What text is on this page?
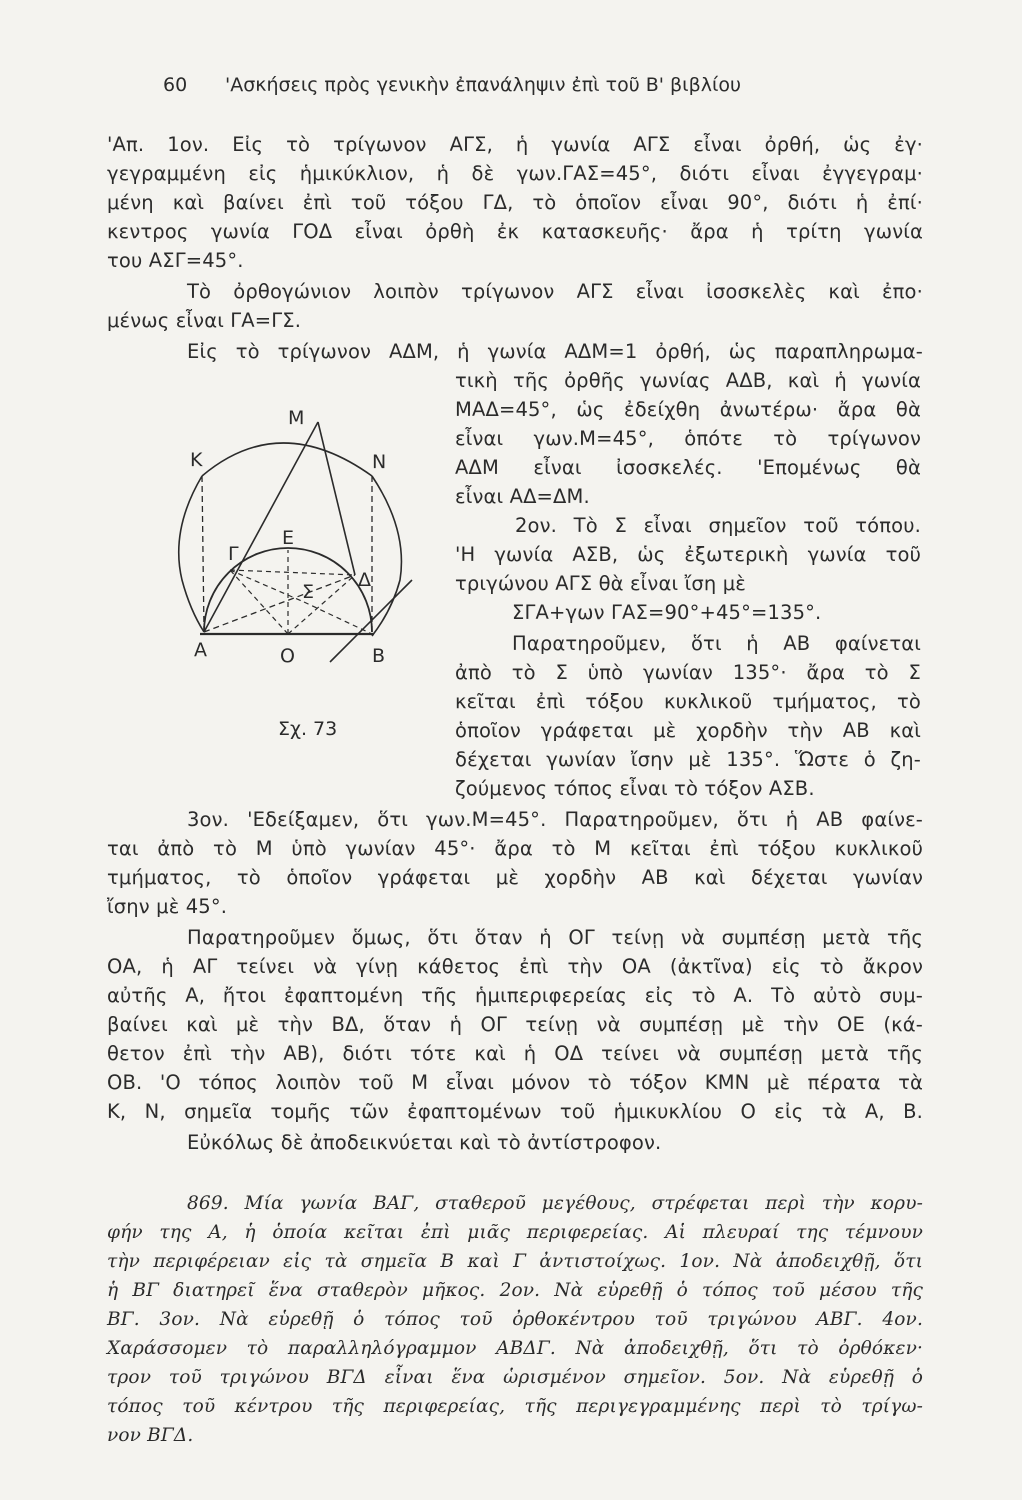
60 'Ασκήσεις πρὸς γενικὴν ἐπανάληψιν ἐπὶ τοῦ Β' βιβλίου
'Απ. 1ον. Εἰς τὸ τρίγωνον ΑΓΣ, ἡ γωνία ΑΓΣ εἶναι ὀρθή, ὡς ἐγ·
γεγραμμένη εἰς ἡμικύκλιον, ἡ δὲ γων.ΓΑΣ=45°, διότι εἶναι ἐγγεγραμ·
μένη καὶ βαίνει ἐπὶ τοῦ τόξου ΓΔ, τὸ ὁποῖον εἶναι 90°, διότι ἡ ἐπί·
κεντρος γωνία ΓΟΔ εἶναι ὀρθὴ ἐκ κατασκευῆς· ἄρα ἡ τρίτη γωνία
του ΑΣΓ=45°.
Τὸ ὀρθογώνιον λοιπὸν τρίγωνον ΑΓΣ εἶναι ἰσοσκελὲς καὶ ἐπο·
μένως εἶναι ΓΑ=ΓΣ.
Εἰς τὸ τρίγωνον ΑΔΜ, ἡ γωνία ΑΔΜ=1 ὀρθή, ὡς παραπληρωμα-
τικὴ τῆς ὀρθῆς γωνίας ΑΔΒ, καὶ ἡ γωνία
ΜΑΔ=45°, ὡς ἐδείχθη ἀνωτέρω· ἄρα θὰ
εἶναι γων.Μ=45°, ὁπότε τὸ τρίγωνον
ΑΔΜ εἶναι ἰσοσκελές. 'Επομένως θὰ
εἶναι ΑΔ=ΔΜ.
2ον. Τὸ Σ εἶναι σημεῖον τοῦ τόπου.
'Η γωνία ΑΣΒ, ὡς ἐξωτερικὴ γωνία τοῦ
τριγώνου ΑΓΣ θὰ εἶναι ἴση μὲ
ΣΓΑ+γων ΓΑΣ=90°+45°=135°.
Παρατηροῦμεν, ὅτι ἡ ΑΒ φαίνεται
ἀπὸ τὸ Σ ὑπὸ γωνίαν 135°· ἄρα τὸ Σ
κεῖται ἐπὶ τόξου κυκλικοῦ τμήματος, τὸ
ὁποῖον γράφεται μὲ χορδὴν τὴν ΑΒ καὶ
δέχεται γωνίαν ἴσην μὲ 135°. Ὥστε ὁ ζη-
ζούμενος τόπος εἶναι τὸ τόξον ΑΣΒ.
Κ
Μ
Ν
Γ
Ε
Σ
Δ
Α	Ο	Β
Σχ. 73
3ον. 'Εδείξαμεν, ὅτι γων.Μ=45°. Παρατηροῦμεν, ὅτι ἡ ΑΒ φαίνε-
ται ἀπὸ τὸ Μ ὑπὸ γωνίαν 45°· ἄρα τὸ Μ κεῖται ἐπὶ τόξου κυκλικοῦ
τμήματος, τὸ ὁποῖον γράφεται μὲ χορδὴν ΑΒ καὶ δέχεται γωνίαν
ἴσην μὲ 45°.
Παρατηροῦμεν ὅμως, ὅτι ὅταν ἡ ΟΓ τείνῃ νὰ συμπέσῃ μετὰ τῆς
ΟΑ, ἡ ΑΓ τείνει νὰ γίνῃ κάθετος ἐπὶ τὴν ΟΑ (ἀκτῖνα) εἰς τὸ ἄκρον
αὐτῆς Α, ἤτοι ἐφαπτομένη τῆς ἡμιπεριφερείας εἰς τὸ Α. Τὸ αὐτὸ συμ-
βαίνει καὶ μὲ τὴν ΒΔ, ὅταν ἡ ΟΓ τείνῃ νὰ συμπέσῃ μὲ τὴν ΟΕ (κά-
θετον ἐπὶ τὴν ΑΒ), διότι τότε καὶ ἡ ΟΔ τείνει νὰ συμπέσῃ μετὰ τῆς
ΟΒ. 'Ο τόπος λοιπὸν τοῦ Μ εἶναι μόνον τὸ τόξον ΚΜΝ μὲ πέρατα τὰ
Κ, Ν, σημεῖα τομῆς τῶν ἐφαπτομένων τοῦ ἡμικυκλίου Ο εἰς τὰ Α, Β.
Εὐκόλως δὲ ἀποδεικνύεται καὶ τὸ ἀντίστροφον.
869. Μία γωνία ΒΑΓ, σταθεροῦ μεγέθους, στρέφεται περὶ τὴν κορυ-
φήν της Α, ἡ ὁποία κεῖται ἐπὶ μιᾶς περιφερείας. Αἱ πλευραί της τέμνουν
τὴν περιφέρειαν εἰς τὰ σημεῖα Β καὶ Γ ἀντιστοίχως. 1ον. Νὰ ἀποδειχθῇ, ὅτι
ἡ ΒΓ διατηρεῖ ἕνα σταθερὸν μῆκος. 2ον. Νὰ εὑρεθῇ ὁ τόπος τοῦ μέσου τῆς
ΒΓ. 3ον. Νὰ εὑρεθῇ ὁ τόπος τοῦ ὀρθοκέντρου τοῦ τριγώνου ΑΒΓ. 4ον.
Χαράσσομεν τὸ παραλληλόγραμμον ΑΒΔΓ. Νὰ ἀποδειχθῇ, ὅτι τὸ ὀρθόκεν·
τρον τοῦ τριγώνου ΒΓΔ εἶναι ἕνα ὡρισμένον σημεῖον. 5ον. Νὰ εὑρεθῇ ὁ
τόπος τοῦ κέντρου τῆς περιφερείας, τῆς περιγεγραμμένης περὶ τὸ τρίγω-
νον ΒΓΔ.
